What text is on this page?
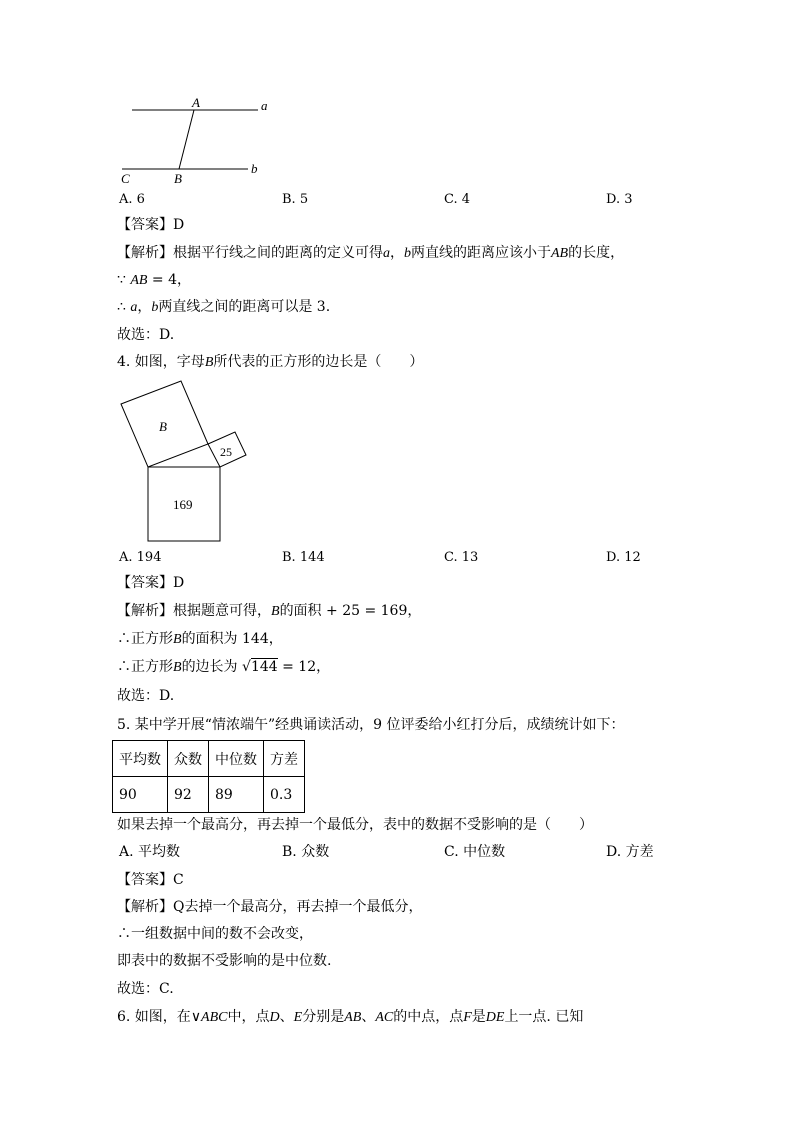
A	a
B
b
C
A. 6	B. 5	C. 4	D. 3
【答案】D
【解析】根据平行线之间的距离的定义可得a，b两直线的距离应该小于AB的长度，
∵ AB = 4，
∴ a，b两直线之间的距离可以是 3.
故选：D.
4. 如图，字母B所代表的正方形的边长是（　　）
B
25
169
A. 194	B. 144	C. 13	D. 12
【答案】D
【解析】根据题意可得，B的面积 + 25 = 169，
∴正方形B的面积为 144，
∴正方形B的边长为 √144 = 12，
故选：D.
5. 某中学开展“情浓端午”经典诵读活动，9 位评委给小红打分后，成绩统计如下：
平均数	众数	中位数	方差
90	92	89	0.3
如果去掉一个最高分，再去掉一个最低分，表中的数据不受影响的是（　　）
A. 平均数	B. 众数	C. 中位数	D. 方差
【答案】C
【解析】Q去掉一个最高分，再去掉一个最低分，
∴一组数据中间的数不会改变，
即表中的数据不受影响的是中位数.
故选：C.
6. 如图，在∨ABC中，点D、E分别是AB、AC的中点，点F是DE上一点. 已知
